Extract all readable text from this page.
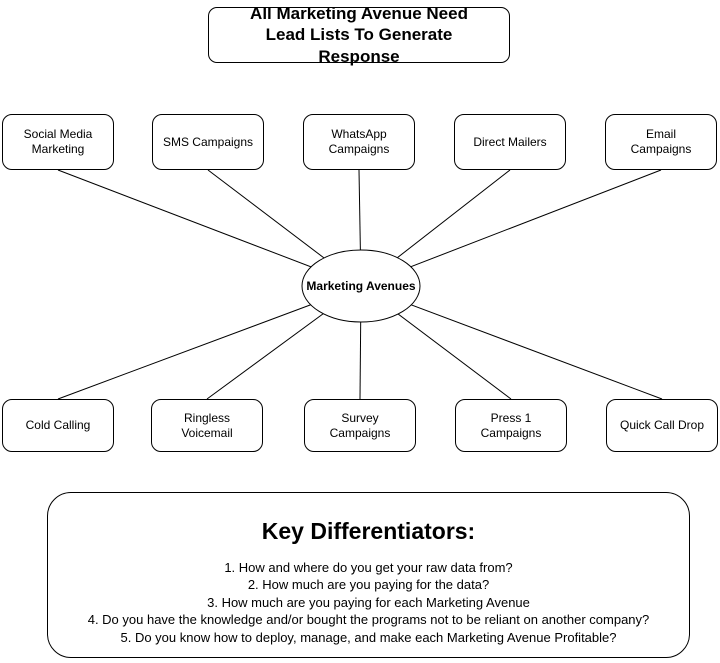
All Marketing Avenue Need Lead Lists To Generate Response
Social Media Marketing
SMS Campaigns
WhatsApp Campaigns
Direct Mailers
Email Campaigns
Marketing Avenues
Cold Calling
Ringless Voicemail
Survey Campaigns
Press 1 Campaigns
Quick Call Drop
Key Differentiators:
1. How and where do you get your raw data from?
2. How much are you paying for the data?
3. How much are you paying for each Marketing Avenue
4. Do you have the knowledge and/or bought the programs not to be reliant on another company?
5. Do you know how to deploy, manage, and make each Marketing Avenue Profitable?
